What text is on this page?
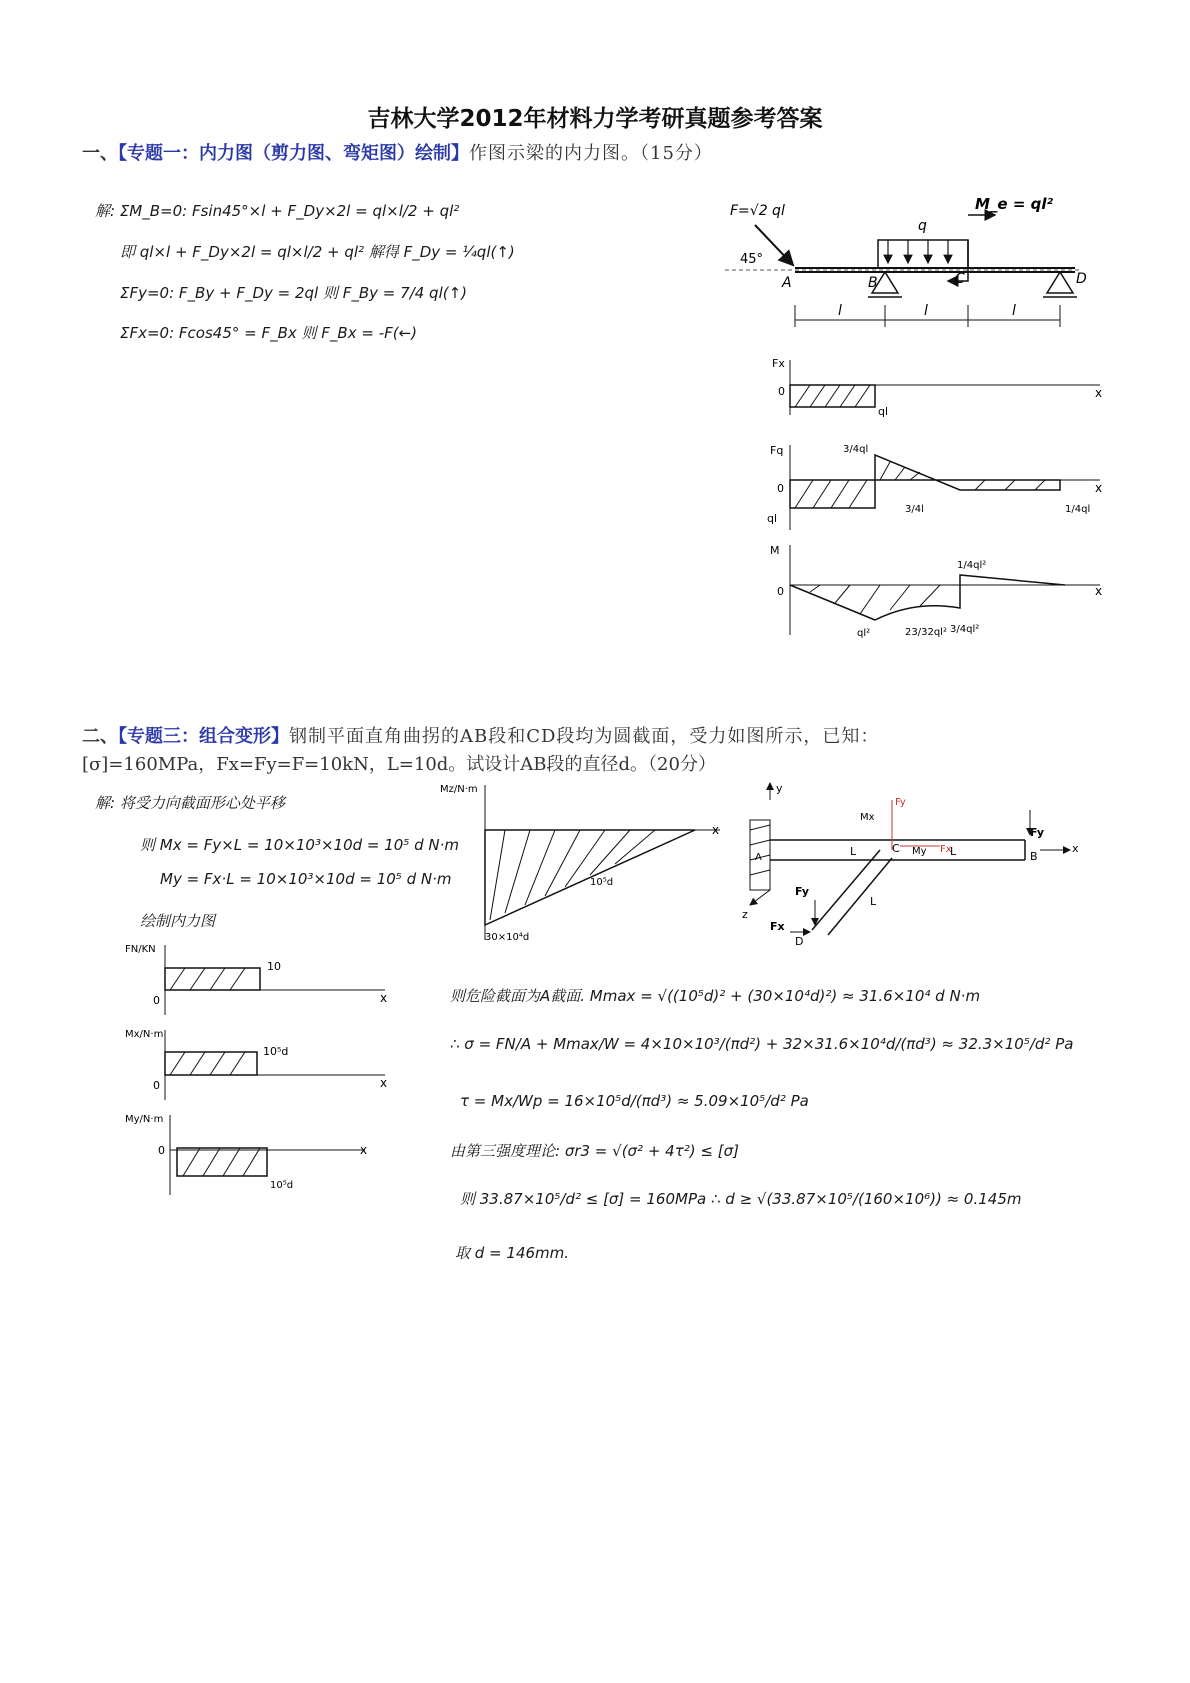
吉林大学2012年材料力学考研真题参考答案
一、【专题一：内力图（剪力图、弯矩图）绘制】作图示梁的内力图。（15分）
解: ΣM_B=0: Fsin45°×l + F_Dy×2l = ql×l/2 + ql²
即 ql×l + F_Dy×2l = ql×l/2 + ql² 解得 F_Dy = ¼ql(↑)
ΣFy=0: F_By + F_Dy = 2ql 则 F_By = 7/4 ql(↑)
ΣFx=0: Fcos45° = F_Bx 则 F_Bx = -F(←)
F=√2 ql
45°
q
M_e = ql²
A	B	C	D
l	l	l
Fx
0	x
ql
Fq
0	x
ql
3/4ql
3/4l	1/4ql
M
0	x
ql²	23/32ql² 3/4ql²
1/4ql²
二、【专题三：组合变形】钢制平面直角曲拐的AB段和CD段均为圆截面，受力如图所示，已知：
[σ]=160MPa，Fx=Fy=F=10kN，L=10d。试设计AB段的直径d。（20分）
解: 将受力向截面形心处平移
则 Mx = Fy×L = 10×10³×10d = 10⁵ d N·m
My = Fx·L = 10×10³×10d = 10⁵ d N·m
绘制内力图
FN/KN
0	x
10
Mx/N·m
0	x
10⁵d
My/N·m
0	x
10⁵d
Mz/N·m
x
10⁵d
30×10⁴d
A
y
z
x
Fy
B
L	L
C
L
D
Fy
Fx
Fy
Mx
My Fx
则危险截面为A截面. Mmax = √((10⁵d)² + (30×10⁴d)²) ≈ 31.6×10⁴ d N·m
∴ σ = FN/A + Mmax/W = 4×10×10³/(πd²) + 32×31.6×10⁴d/(πd³) ≈ 32.3×10⁵/d² Pa
τ = Mx/Wp = 16×10⁵d/(πd³) ≈ 5.09×10⁵/d² Pa
由第三强度理论: σr3 = √(σ² + 4τ²) ≤ [σ]
则 33.87×10⁵/d² ≤ [σ] = 160MPa ∴ d ≥ √(33.87×10⁵/(160×10⁶)) ≈ 0.145m
取 d = 146mm.
